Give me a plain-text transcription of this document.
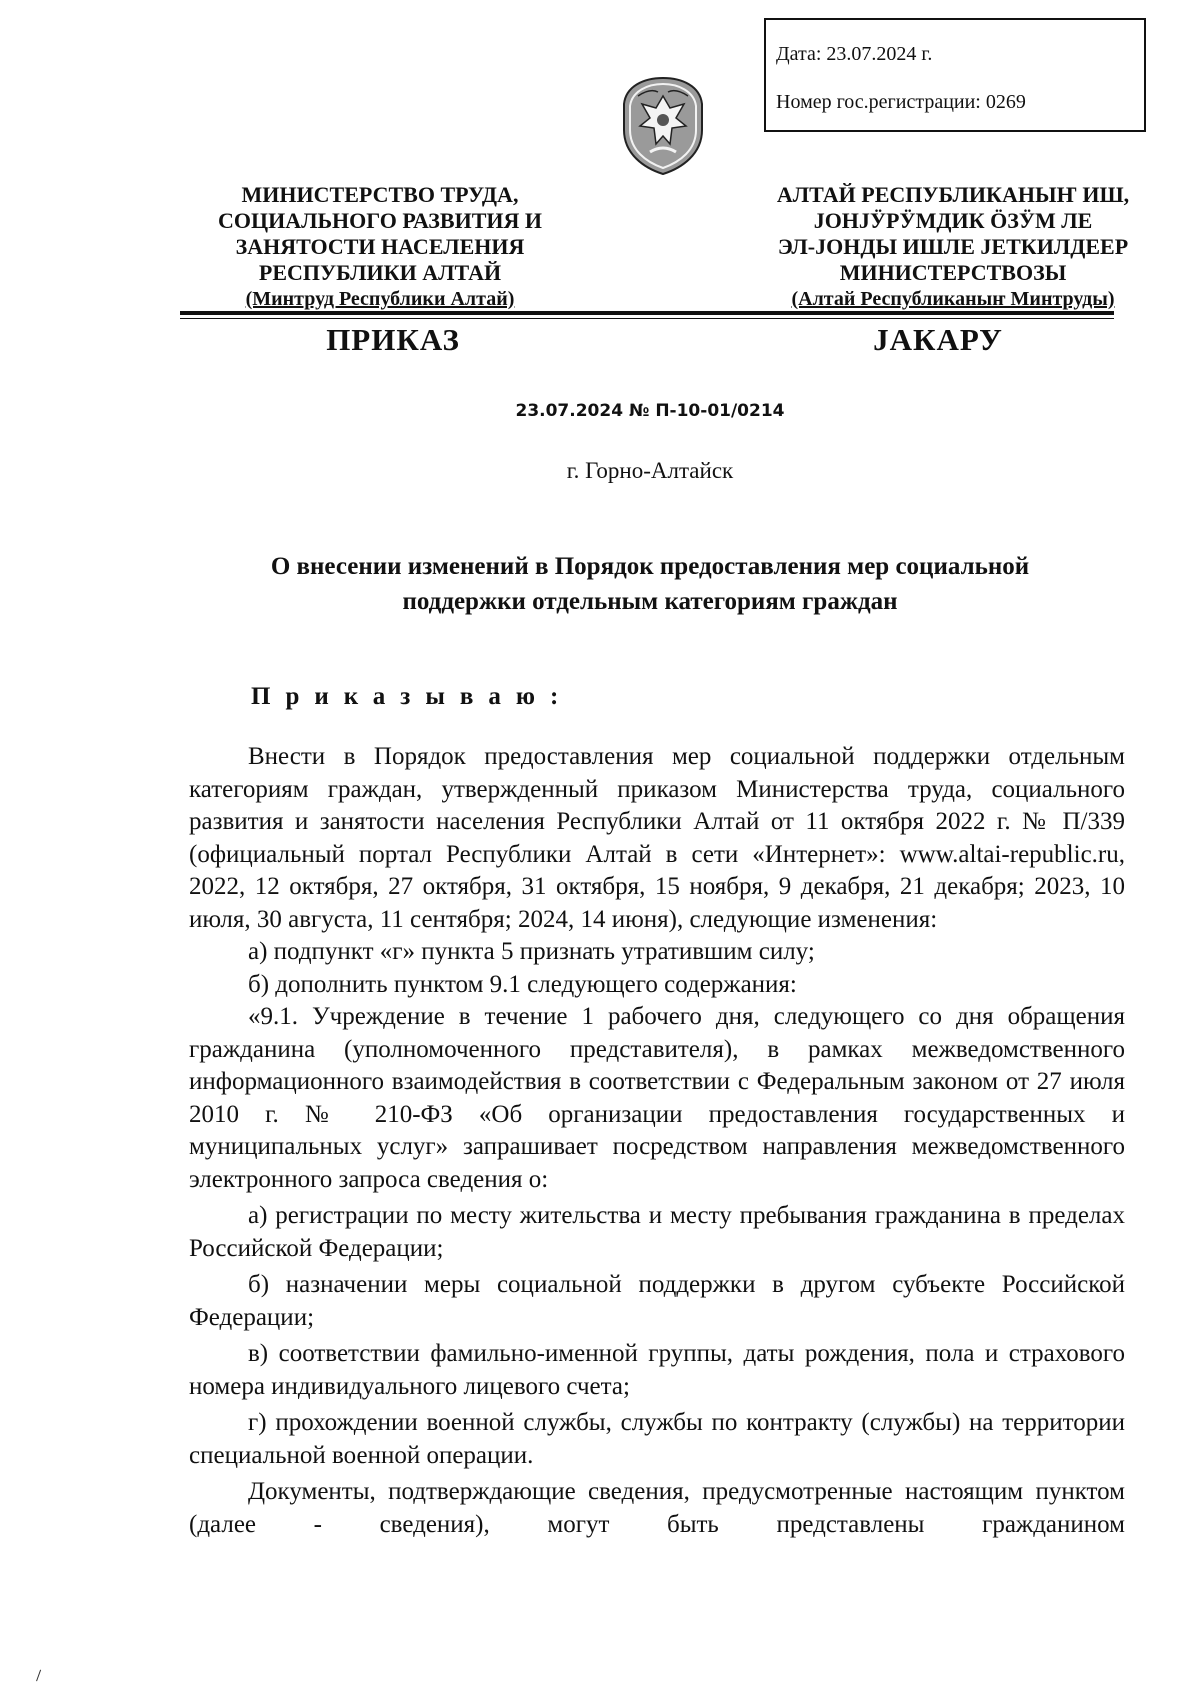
Дата: 23.07.2024 г.
Номер гос.регистрации: 0269
МИНИСТЕРСТВО ТРУДА,
СОЦИАЛЬНОГО РАЗВИТИЯ И
ЗАНЯТОСТИ НАСЕЛЕНИЯ
РЕСПУБЛИКИ АЛТАЙ
(Минтруд Республики Алтай)
АЛТАЙ РЕСПУБЛИКАНЫҤ ИШ,
ЈОНЈӰРӰМДИК ÖЗӰМ ЛЕ
ЭЛ-ЈОНДЫ ИШЛЕ ЈЕТКИЛДЕЕР
МИНИСТЕРСТВОЗЫ
(Алтай Республиканыҥ Минтруды)
ПРИКАЗ	ЈАКАРУ
23.07.2024 № П-10-01/0214
г. Горно-Алтайск
О внесении изменений в Порядок предоставления мер социальной
поддержки отдельным категориям граждан
Приказываю:

Внести в Порядок предоставления мер социальной поддержки отдельным категориям граждан, утвержденный приказом Министерства труда, социального развития и занятости населения Республики Алтай от 11 октября 2022 г. № П/339 (официальный портал Республики Алтай в сети «Интернет»: www.altai-republic.ru, 2022, 12 октября, 27 октября, 31 октября, 15 ноября, 9 декабря, 21 декабря; 2023, 10 июля, 30 августа, 11 сентября; 2024, 14 июня), следующие изменения:

а) подпункт «г» пункта 5 признать утратившим силу;

б) дополнить пунктом 9.1 следующего содержания:

«9.1. Учреждение в течение 1 рабочего дня, следующего со дня обращения гражданина (уполномоченного представителя), в рамках межведомственного информационного взаимодействия в соответствии с Федеральным законом от 27 июля 2010 г. № 210-ФЗ «Об организации предоставления государственных и муниципальных услуг» запрашивает посредством направления межведомственного электронного запроса сведения о:

а) регистрации по месту жительства и месту пребывания гражданина в пределах Российской Федерации;

б) назначении меры социальной поддержки в другом субъекте Российской Федерации;

в) соответствии фамильно-именной группы, даты рождения, пола и страхового номера индивидуального лицевого счета;

г) прохождении военной службы, службы по контракту (службы) на территории специальной военной операции.

Документы, подтверждающие сведения, предусмотренные настоящим пунктом (далее - сведения), могут быть представлены гражданином
